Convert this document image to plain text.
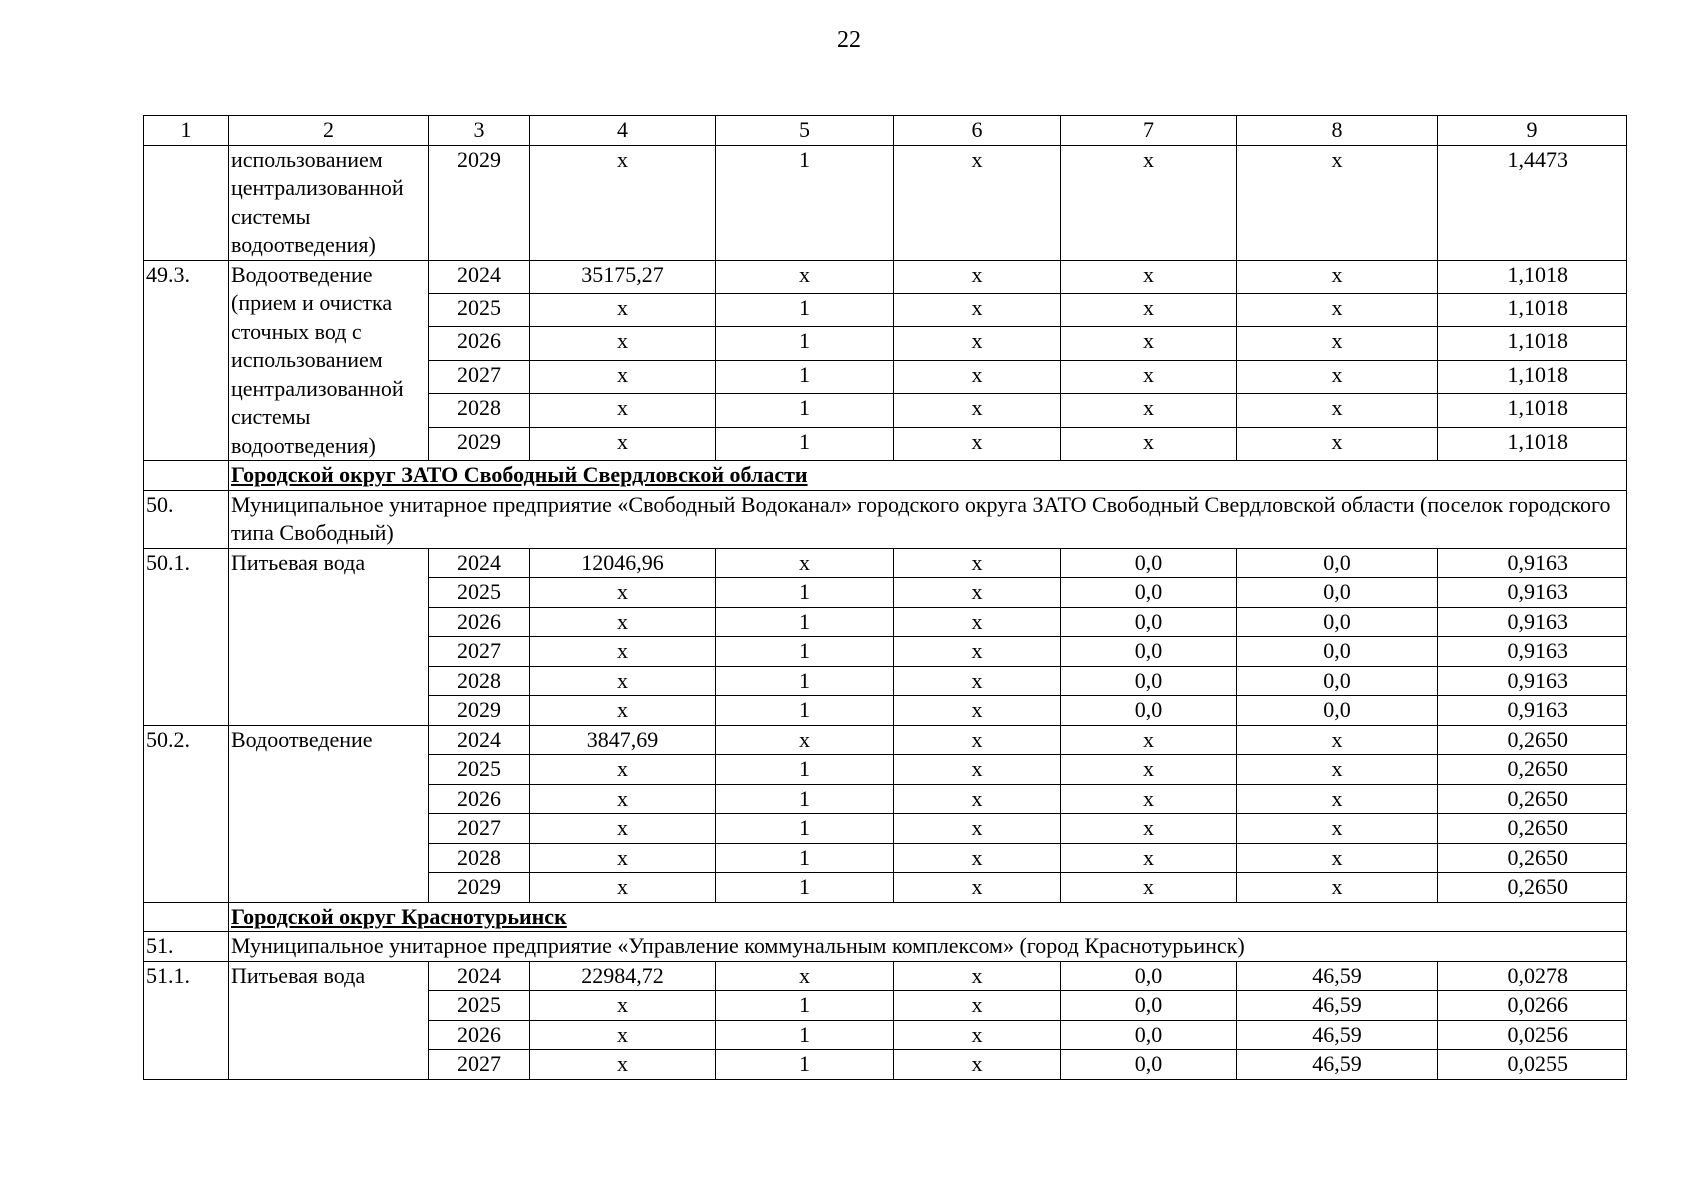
22
1	2	3	4	5	6	7	8	9
	использованием централизованной системы водоотведения)	2029	x	1	x	x	x	1,4473
49.3.	Водоотведение (прием и очистка сточных вод с использованием централизованной системы водоотведения)	2024	35175,27	x	x	x	x	1,1018
		2025	x	1	x	x	x	1,1018
		2026	x	1	x	x	x	1,1018
		2027	x	1	x	x	x	1,1018
		2028	x	1	x	x	x	1,1018
		2029	x	1	x	x	x	1,1018
	Городской округ ЗАТО Свободный Свердловской области							
50.	Муниципальное унитарное предприятие «Свободный Водоканал» городского округа ЗАТО Свободный Свердловской области (поселок городского типа Свободный)							
50.1.	Питьевая вода	2024	12046,96	x	x	0,0	0,0	0,9163
		2025	x	1	x	0,0	0,0	0,9163
		2026	x	1	x	0,0	0,0	0,9163
		2027	x	1	x	0,0	0,0	0,9163
		2028	x	1	x	0,0	0,0	0,9163
		2029	x	1	x	0,0	0,0	0,9163
50.2.	Водоотведение	2024	3847,69	x	x	x	x	0,2650
		2025	x	1	x	x	x	0,2650
		2026	x	1	x	x	x	0,2650
		2027	x	1	x	x	x	0,2650
		2028	x	1	x	x	x	0,2650
		2029	x	1	x	x	x	0,2650
	Городской округ Краснотурьинск							
51.	Муниципальное унитарное предприятие «Управление коммунальным комплексом» (город Краснотурьинск)							
51.1.	Питьевая вода	2024	22984,72	x	x	0,0	46,59	0,0278
		2025	x	1	x	0,0	46,59	0,0266
		2026	x	1	x	0,0	46,59	0,0256
		2027	x	1	x	0,0	46,59	0,0255
